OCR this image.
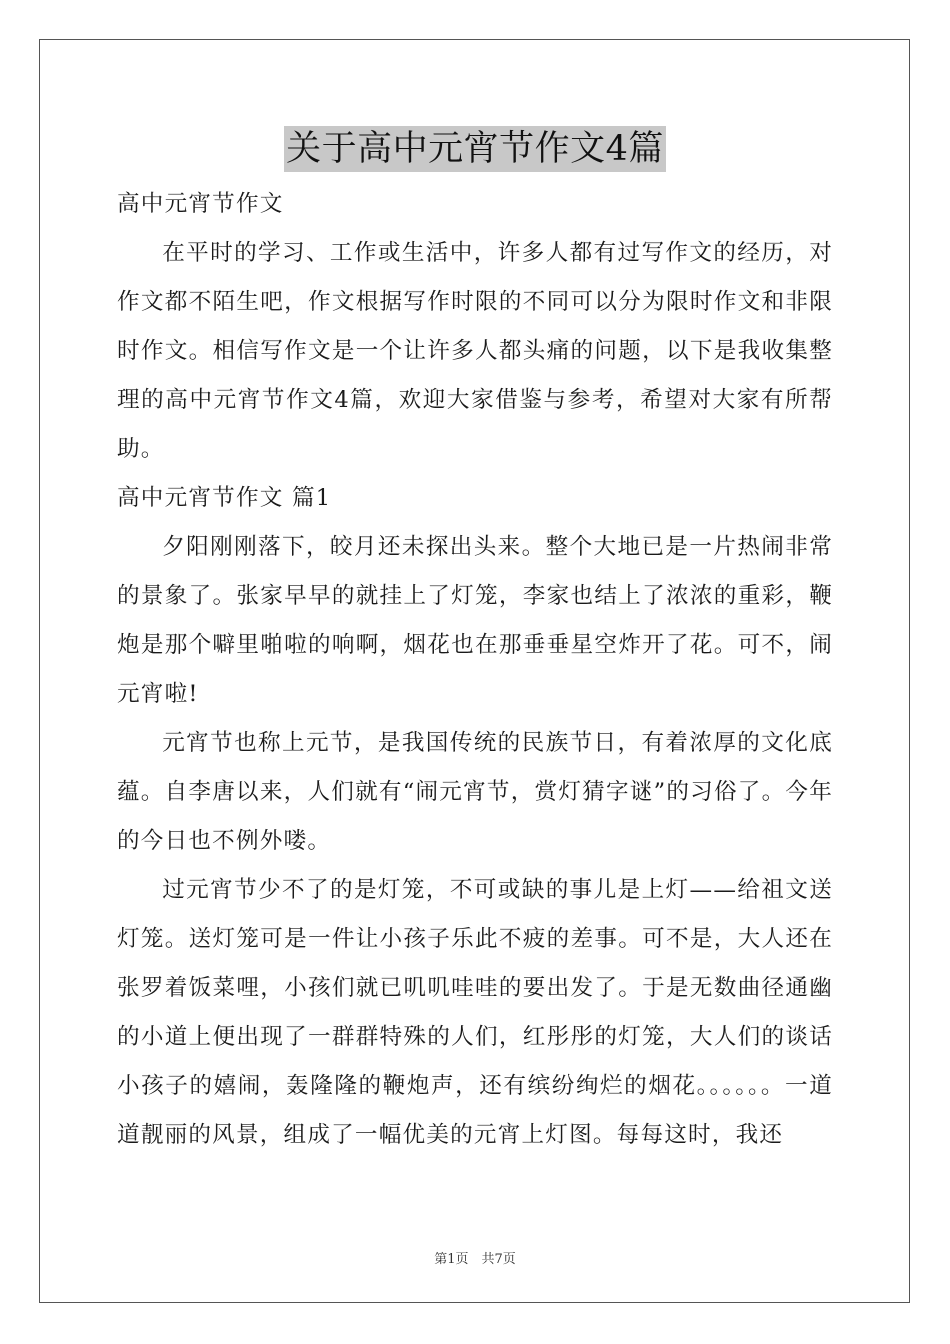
关于高中元宵节作文4篇

高中元宵节作文

在平时的学习、工作或生活中，许多人都有过写作文的经历，对作文都不陌生吧，作文根据写作时限的不同可以分为限时作文和非限时作文。相信写作文是一个让许多人都头痛的问题，以下是我收集整理的高中元宵节作文4篇，欢迎大家借鉴与参考，希望对大家有所帮助。

高中元宵节作文 篇1

夕阳刚刚落下，皎月还未探出头来。整个大地已是一片热闹非常的景象了。张家早早的就挂上了灯笼，李家也结上了浓浓的重彩，鞭炮是那个噼里啪啦的响啊，烟花也在那垂垂星空炸开了花。可不，闹元宵啦!

元宵节也称上元节，是我国传统的民族节日，有着浓厚的文化底蕴。自李唐以来，人们就有“闹元宵节，赏灯猜字谜”的习俗了。今年的今日也不例外喽。

过元宵节少不了的是灯笼，不可或缺的事儿是上灯——给祖文送灯笼。送灯笼可是一件让小孩子乐此不疲的差事。可不是，大人还在张罗着饭菜哩，小孩们就已叽叽哇哇的要出发了。于是无数曲径通幽的小道上便出现了一群群特殊的人们，红彤彤的灯笼，大人们的谈话小孩子的嬉闹，轰隆隆的鞭炮声，还有缤纷绚烂的烟花。。。。。。一道道靓丽的风景，组成了一幅优美的元宵上灯图。每每这时，我还

第1页　共7页
